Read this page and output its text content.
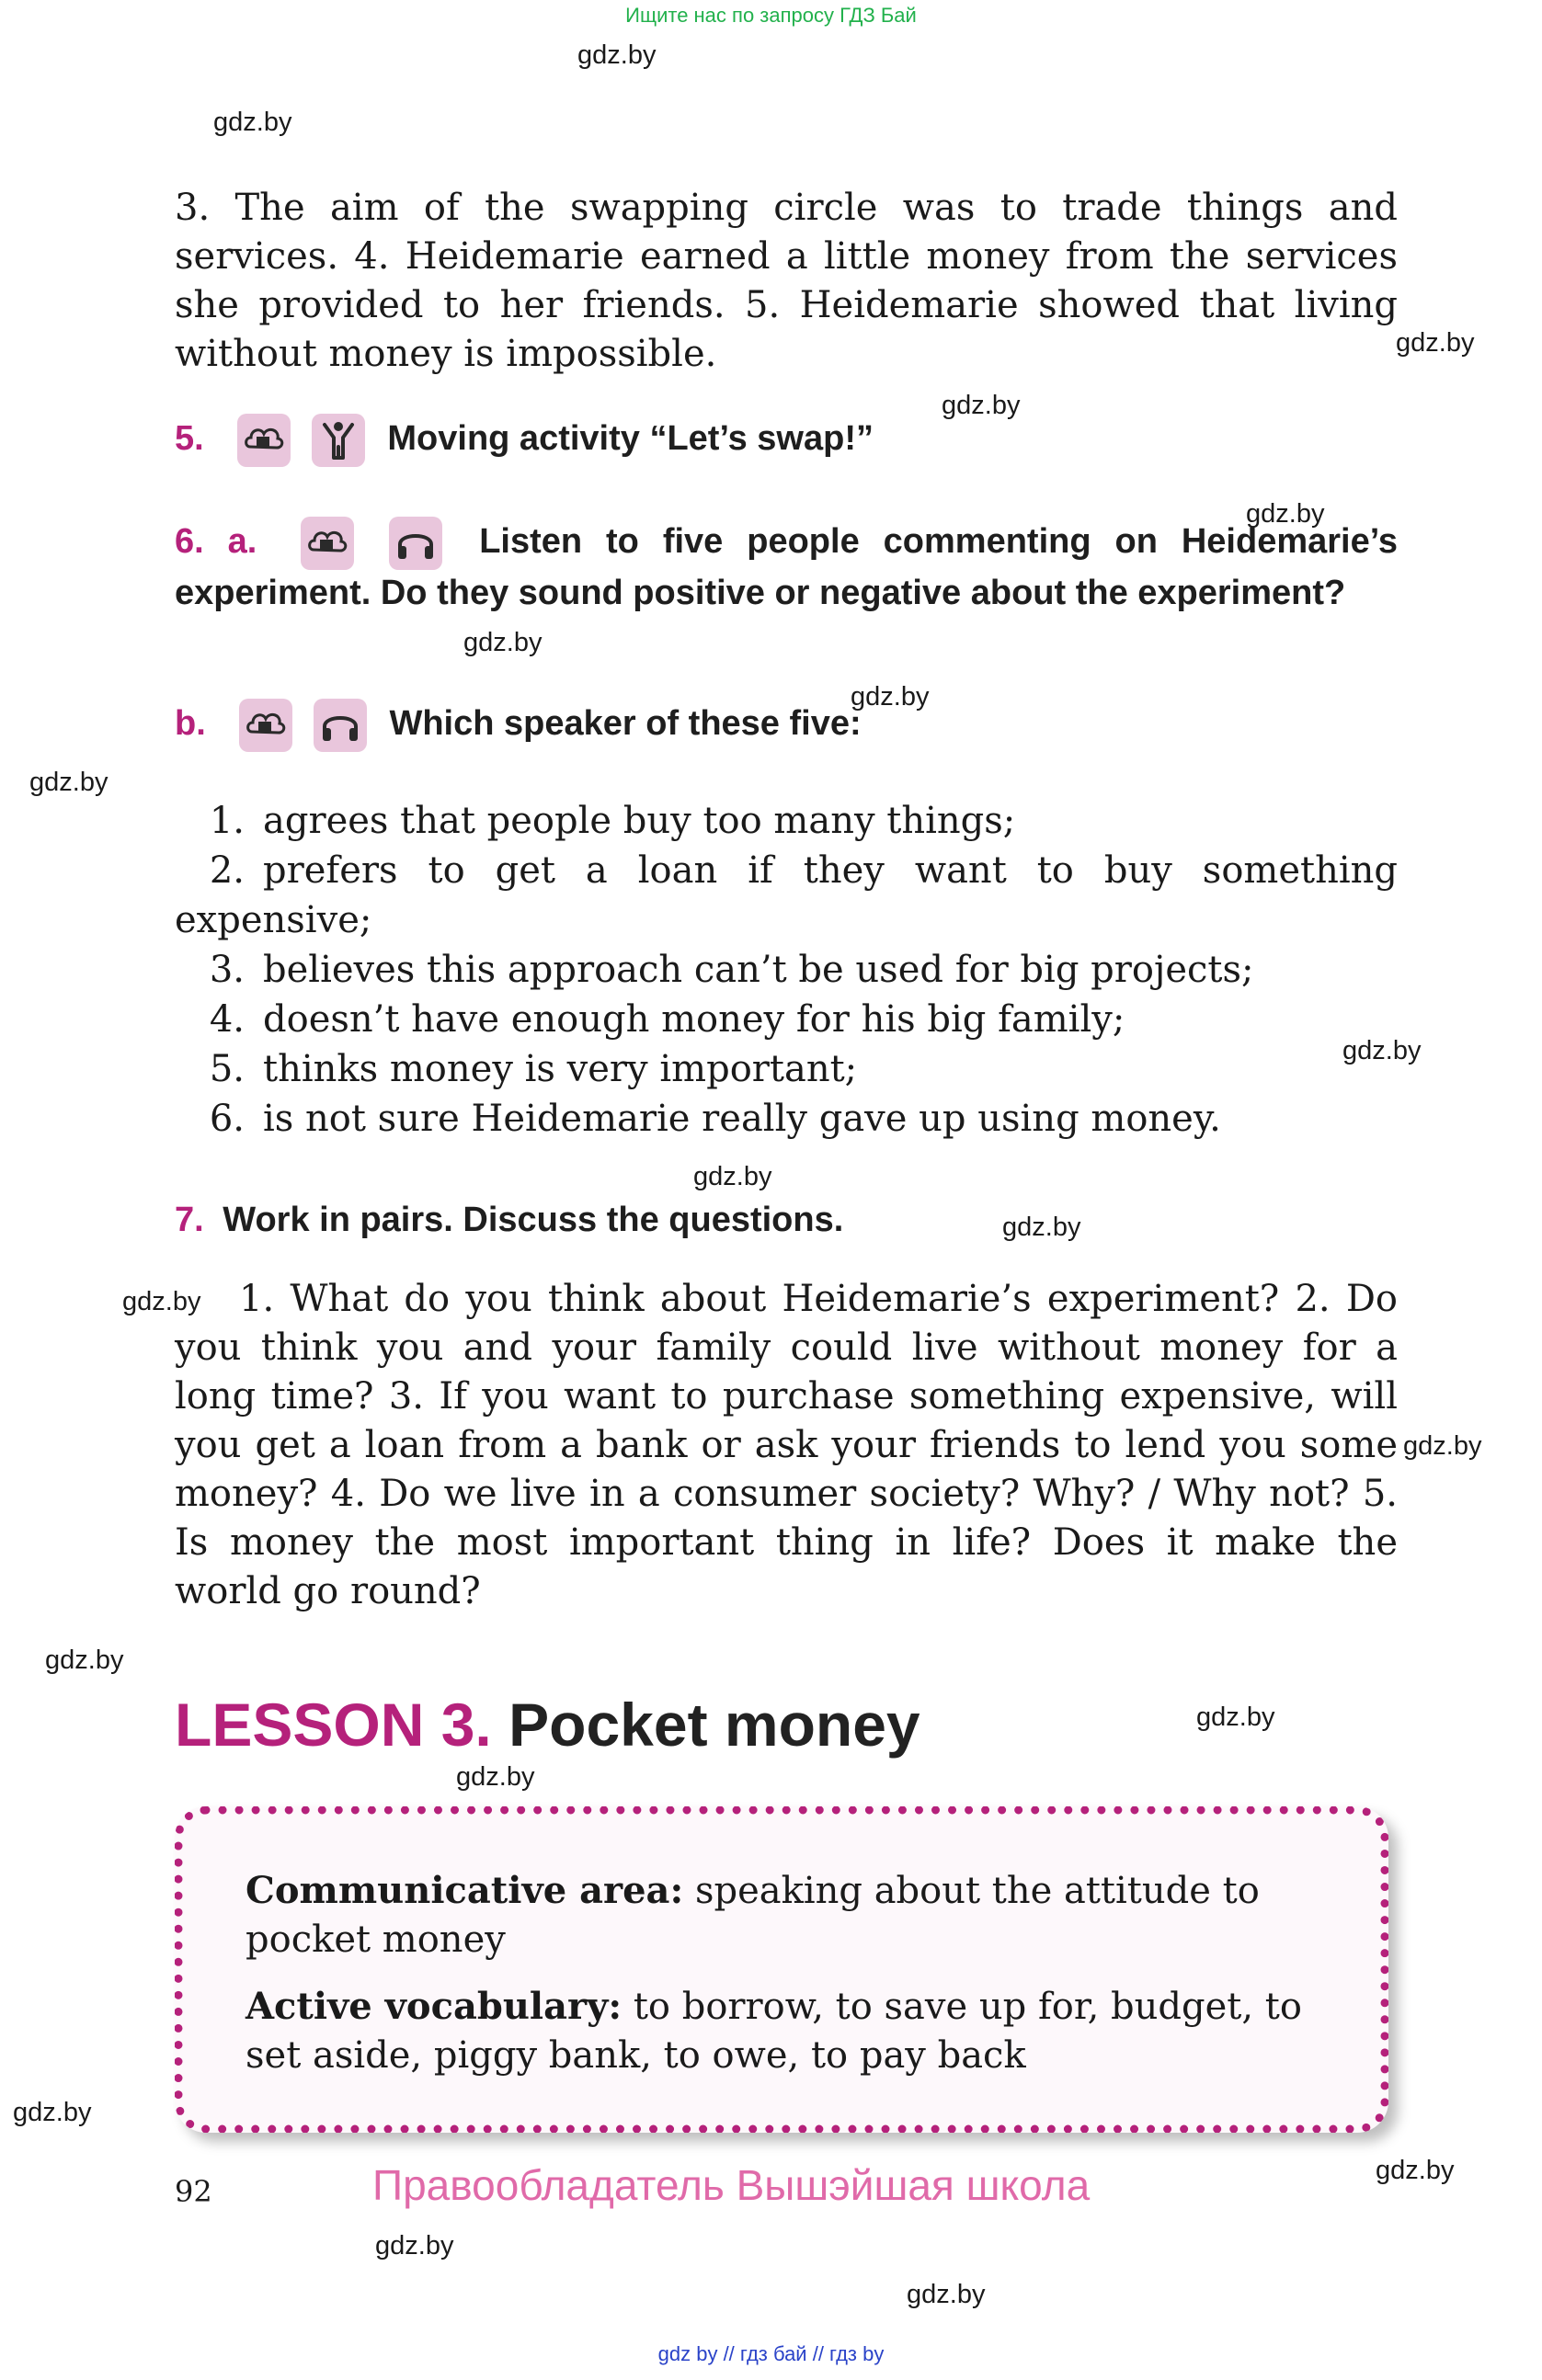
Ищите нас по запросу ГДЗ Бай
gdz.by
gdz.by
gdz.by
gdz.by
gdz.by
gdz.by
gdz.by
gdz.by
gdz.by
gdz.by
gdz.by
gdz.by
gdz.by
gdz.by
gdz.by
gdz.by
gdz.by
gdz.by
gdz.by
gdz.by
3. The aim of the swapping circle was to trade things and services. 4. Heidemarie earned a little money from the services she provided to her friends. 5. Heidemarie showed that living without money is impossible.
5.
	Moving activity “Let’s swap!”
6. a.
	Listen to five people commenting on Heidemarie’s experiment. Do they sound positive or negative about the experiment?
b.
	Which speaker of these five:
1. agrees that people buy too many things;
2. prefers to get a loan if they want to buy something expensive;
3. believes this approach can’t be used for big projects;
4. doesn’t have enough money for his big family;
5. thinks money is very important;
6. is not sure Heidemarie really gave up using money.
7. Work in pairs. Discuss the questions.
1. What do you think about Heidemarie’s experiment? 2. Do you think you and your family could live without money for a long time? 3. If you want to purchase something expensive, will you get a loan from a bank or ask your friends to lend you some money? 4. Do we live in a consumer society? Why? / Why not? 5. Is money the most important thing in life? Does it make the world go round?
LESSON 3. Pocket money
Communicative area: speaking about the attitude to pocket money
Active vocabulary: to borrow, to save up for, budget, to set aside, piggy bank, to owe, to pay back
92	Правообладатель Вышэйшая школа
gdz by // гдз бай // гдз by
